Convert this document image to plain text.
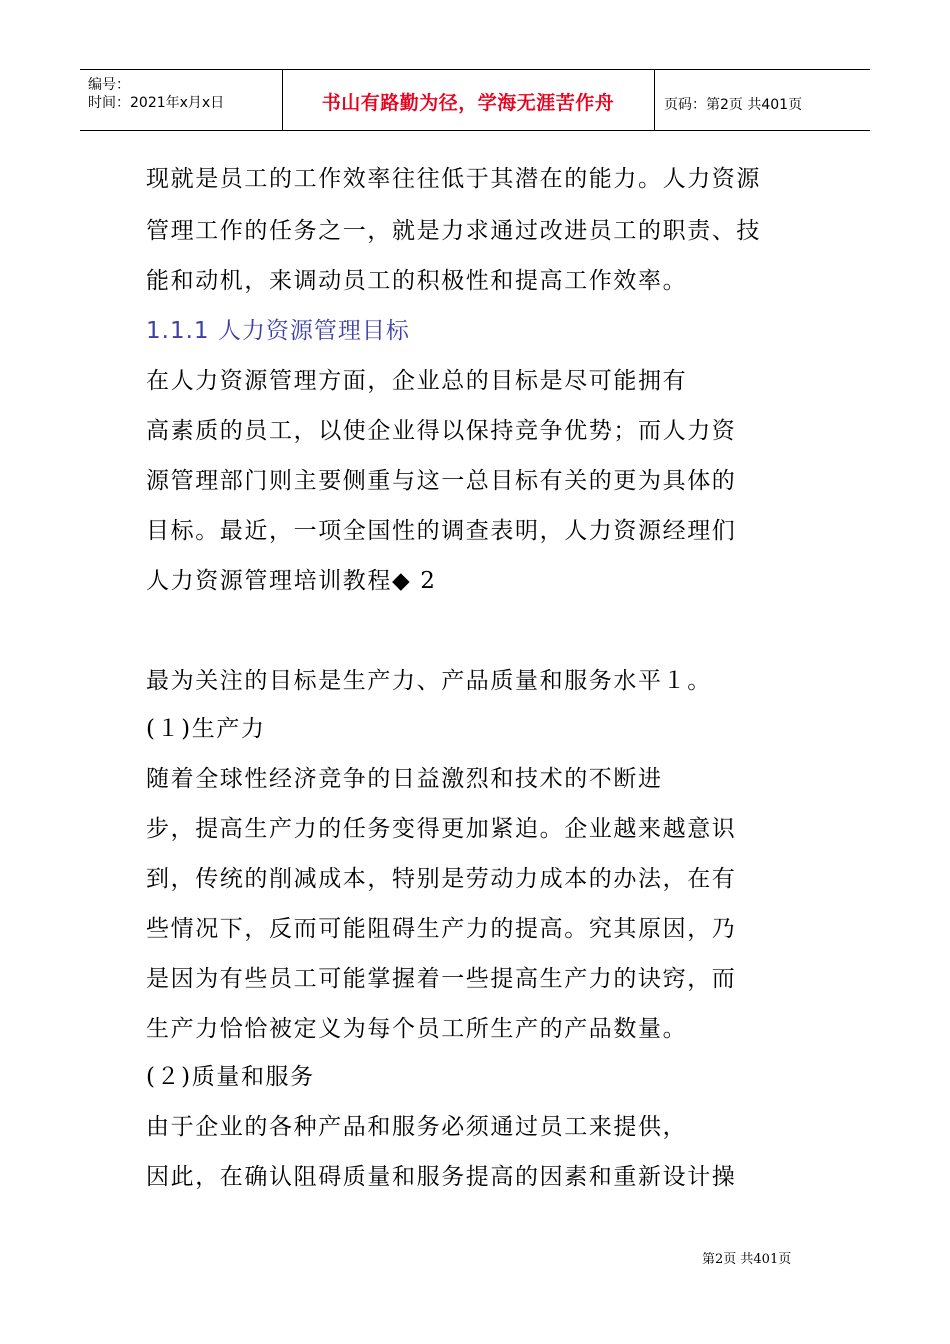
编号：
时间：2021年x月x日	书山有路勤为径，学海无涯苦作舟	页码：第2页 共401页
现就是员工的工作效率往往低于其潜在的能力。人力资源
管理工作的任务之一，就是力求通过改进员工的职责、技
能和动机，来调动员工的积极性和提高工作效率。
1.1.1 人力资源管理目标
在人力资源管理方面，企业总的目标是尽可能拥有
高素质的员工，以使企业得以保持竞争优势；而人力资
源管理部门则主要侧重与这一总目标有关的更为具体的
目标。最近，一项全国性的调查表明，人力资源经理们
人力资源管理培训教程◆ 2
最为关注的目标是生产力、产品质量和服务水平１。
(１)生产力
随着全球性经济竞争的日益激烈和技术的不断进
步，提高生产力的任务变得更加紧迫。企业越来越意识
到，传统的削减成本，特别是劳动力成本的办法，在有
些情况下，反而可能阻碍生产力的提高。究其原因，乃
是因为有些员工可能掌握着一些提高生产力的诀窍，而
生产力恰恰被定义为每个员工所生产的产品数量。
(２)质量和服务
由于企业的各种产品和服务必须通过员工来提供，
因此，在确认阻碍质量和服务提高的因素和重新设计操
第2页 共401页
